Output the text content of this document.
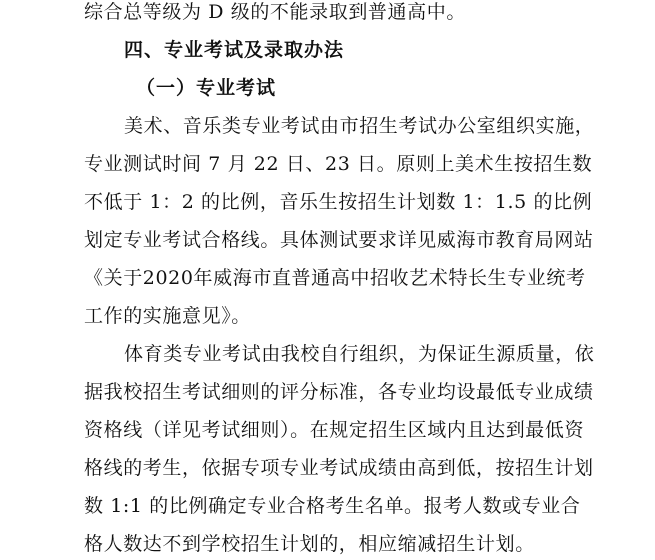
综合总等级为 D 级的不能录取到普通高中。
四、专业考试及录取办法
（一）专业考试
美术、音乐类专业考试由市招生考试办公室组织实施，
专业测试时间 7 月 22 日、23 日。原则上美术生按招生数
不低于 1：2 的比例，音乐生按招生计划数 1：1.5 的比例
划定专业考试合格线。具体测试要求详见威海市教育局网站
《关于2020年威海市直普通高中招收艺术特长生专业统考
工作的实施意见》。
体育类专业考试由我校自行组织，为保证生源质量，依
据我校招生考试细则的评分标准，各专业均设最低专业成绩
资格线（详见考试细则）。在规定招生区域内且达到最低资
格线的考生，依据专项专业考试成绩由高到低，按招生计划
数 1:1 的比例确定专业合格考生名单。报考人数或专业合
格人数达不到学校招生计划的，相应缩减招生计划。
